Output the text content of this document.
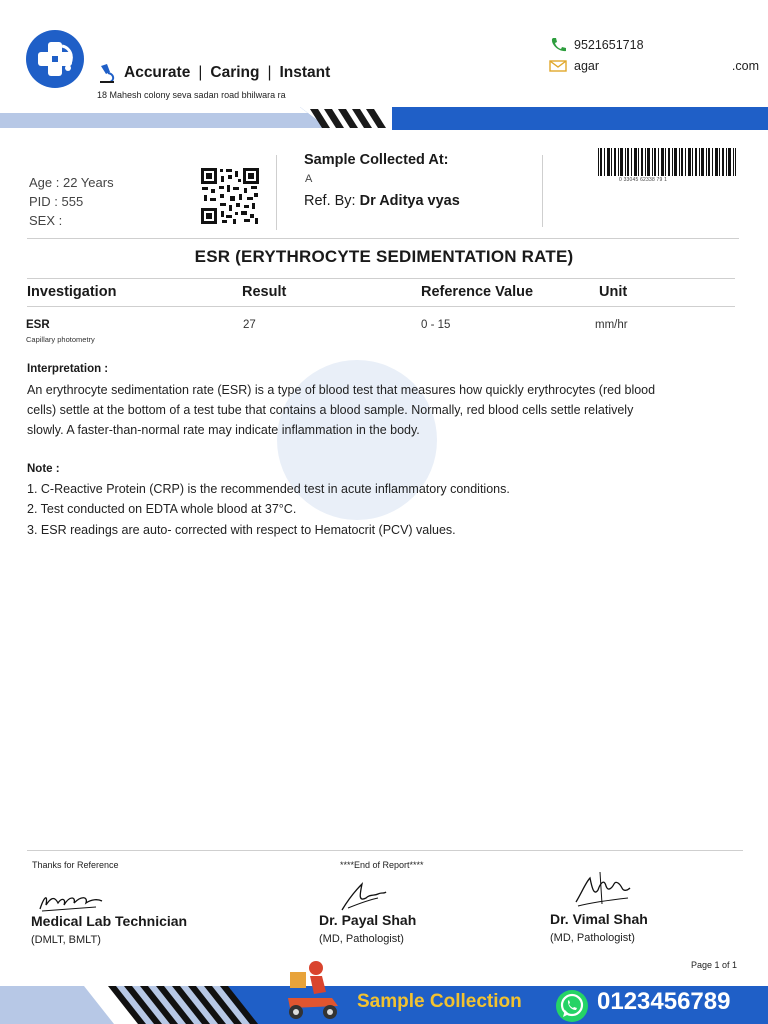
Accurate | Caring | Instant
18 Mahesh colony seva sadan road bhilwara ra
9521651718
agar	.com
Age : 22 Years
PID : 555
SEX :
Sample Collected At:
A
Ref. By: Dr Aditya vyas
0 33045 62338 79 1
ESR (ERYTHROCYTE SEDIMENTATION RATE)
Investigation	Result	Reference Value	Unit
ESR
Capillary photometry
27	0 - 15	mm/hr
Interpretation :
An erythrocyte sedimentation rate (ESR) is a type of blood test that measures how quickly erythrocytes (red blood
cells) settle at the bottom of a test tube that contains a blood sample. Normally, red blood cells settle relatively
slowly. A faster-than-normal rate may indicate inflammation in the body.
Note :
1. C-Reactive Protein (CRP) is the recommended test in acute inflammatory conditions.
2. Test conducted on EDTA whole blood at 37°C.
3. ESR readings are auto- corrected with respect to Hematocrit (PCV) values.
Thanks for Reference	****End of Report****
Medical Lab Technician
(DMLT, BMLT)
Dr. Payal Shah
(MD, Pathologist)
Dr. Vimal Shah
(MD, Pathologist)
Page 1 of 1
Sample Collection	0123456789
